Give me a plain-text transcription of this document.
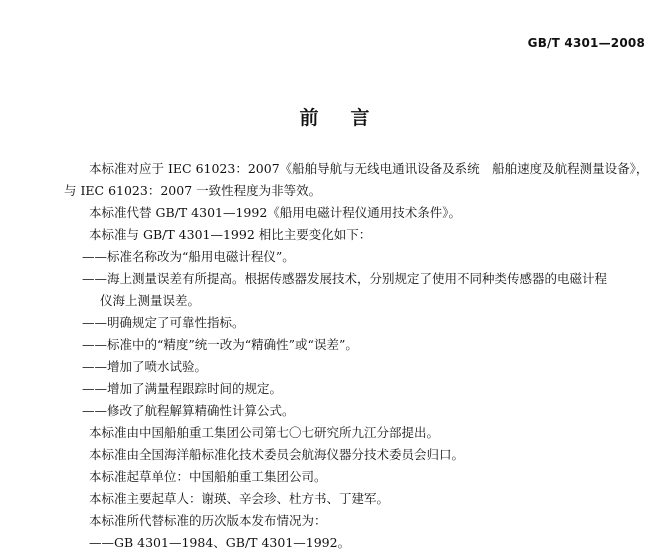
GB/T 4301—2008
前 言
本标准对应于 IEC 61023：2007《船舶导航与无线电通讯设备及系统　船舶速度及航程测量设备》，
与 IEC 61023：2007 一致性程度为非等效。
本标准代替 GB/T 4301—1992《船用电磁计程仪通用技术条件》。
本标准与 GB/T 4301—1992 相比主要变化如下：
——标准名称改为“船用电磁计程仪”。
——海上测量误差有所提高。根据传感器发展技术，分别规定了使用不同种类传感器的电磁计程
仪海上测量误差。
——明确规定了可靠性指标。
——标准中的“精度”统一改为“精确性”或“误差”。
——增加了喷水试验。
——增加了满量程跟踪时间的规定。
——修改了航程解算精确性计算公式。
本标准由中国船舶重工集团公司第七〇七研究所九江分部提出。
本标准由全国海洋船标准化技术委员会航海仪器分技术委员会归口。
本标准起草单位：中国船舶重工集团公司。
本标准主要起草人：谢瑛、辛会珍、杜方书、丁建军。
本标准所代替标准的历次版本发布情况为：
——GB 4301—1984、GB/T 4301—1992。
